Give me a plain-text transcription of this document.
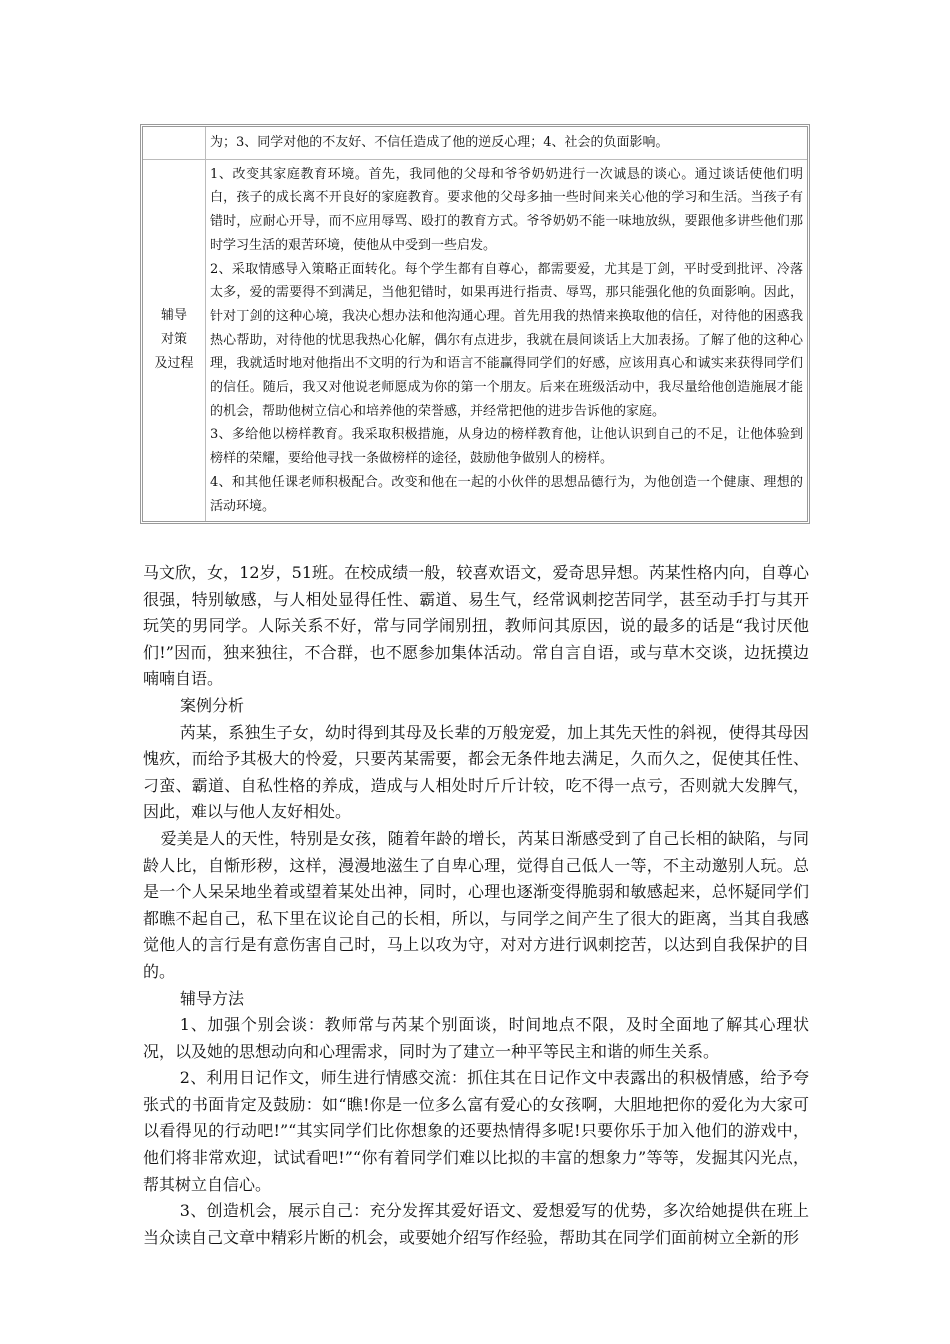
为；3、同学对他的不友好、不信任造成了他的逆反心理；4、社会的负面影响。

辅导
对策
及过程

1、改变其家庭教育环境。首先，我同他的父母和爷爷奶奶进行一次诚恳的谈心。通过谈话使他们明白，孩子的成长离不开良好的家庭教育。要求他的父母多抽一些时间来关心他的学习和生活。当孩子有错时，应耐心开导，而不应用辱骂、殴打的教育方式。爷爷奶奶不能一味地放纵，要跟他多讲些他们那时学习生活的艰苦环境，使他从中受到一些启发。

2、采取情感导入策略正面转化。每个学生都有自尊心，都需要爱，尤其是丁剑，平时受到批评、冷落太多，爱的需要得不到满足，当他犯错时，如果再进行指责、辱骂，那只能强化他的负面影响。因此，针对丁剑的这种心境，我决心想办法和他沟通心理。首先用我的热情来换取他的信任，对待他的困惑我热心帮助，对待他的忧思我热心化解，偶尔有点进步，我就在晨间谈话上大加表扬。了解了他的这种心理，我就适时地对他指出不文明的行为和语言不能赢得同学们的好感，应该用真心和诚实来获得同学们的信任。随后，我又对他说老师愿成为你的第一个朋友。后来在班级活动中，我尽量给他创造施展才能的机会，帮助他树立信心和培养他的荣誉感，并经常把他的进步告诉他的家庭。

3、多给他以榜样教育。我采取积极措施，从身边的榜样教育他，让他认识到自己的不足，让他体验到榜样的荣耀，要给他寻找一条做榜样的途径，鼓励他争做别人的榜样。

4、和其他任课老师积极配合。改变和他在一起的小伙伴的思想品德行为，为他创造一个健康、理想的活动环境。

马文欣，女，12岁，51班。在校成绩一般，较喜欢语文，爱奇思异想。芮某性格内向，自尊心很强，特别敏感，与人相处显得任性、霸道、易生气，经常讽刺挖苦同学，甚至动手打与其开玩笑的男同学。人际关系不好，常与同学闹别扭，教师问其原因，说的最多的话是“我讨厌他们!”因而，独来独往，不合群，也不愿参加集体活动。常自言自语，或与草木交谈，边抚摸边喃喃自语。

案例分析

芮某，系独生子女，幼时得到其母及长辈的万般宠爱，加上其先天性的斜视，使得其母因愧疚，而给予其极大的怜爱，只要芮某需要，都会无条件地去满足，久而久之，促使其任性、刁蛮、霸道、自私性格的养成，造成与人相处时斤斤计较，吃不得一点亏，否则就大发脾气，因此，难以与他人友好相处。

爱美是人的天性，特别是女孩，随着年龄的增长，芮某日渐感受到了自己长相的缺陷，与同龄人比，自惭形秽，这样，漫漫地滋生了自卑心理，觉得自己低人一等，不主动邀别人玩。总是一个人呆呆地坐着或望着某处出神，同时，心理也逐渐变得脆弱和敏感起来，总怀疑同学们都瞧不起自己，私下里在议论自己的长相，所以，与同学之间产生了很大的距离，当其自我感觉他人的言行是有意伤害自己时，马上以攻为守，对对方进行讽刺挖苦，以达到自我保护的目的。

辅导方法

1、加强个别会谈：教师常与芮某个别面谈，时间地点不限，及时全面地了解其心理状况，以及她的思想动向和心理需求，同时为了建立一种平等民主和谐的师生关系。

2、利用日记作文，师生进行情感交流：抓住其在日记作文中表露出的积极情感，给予夸张式的书面肯定及鼓励：如“瞧!你是一位多么富有爱心的女孩啊，大胆地把你的爱化为大家可以看得见的行动吧!”“其实同学们比你想象的还要热情得多呢!只要你乐于加入他们的游戏中，他们将非常欢迎，试试看吧!”“你有着同学们难以比拟的丰富的想象力”等等，发掘其闪光点，帮其树立自信心。

3、创造机会，展示自己：充分发挥其爱好语文、爱想爱写的优势，多次给她提供在班上当众读自己文章中精彩片断的机会，或要她介绍写作经验，帮助其在同学们面前树立全新的形
